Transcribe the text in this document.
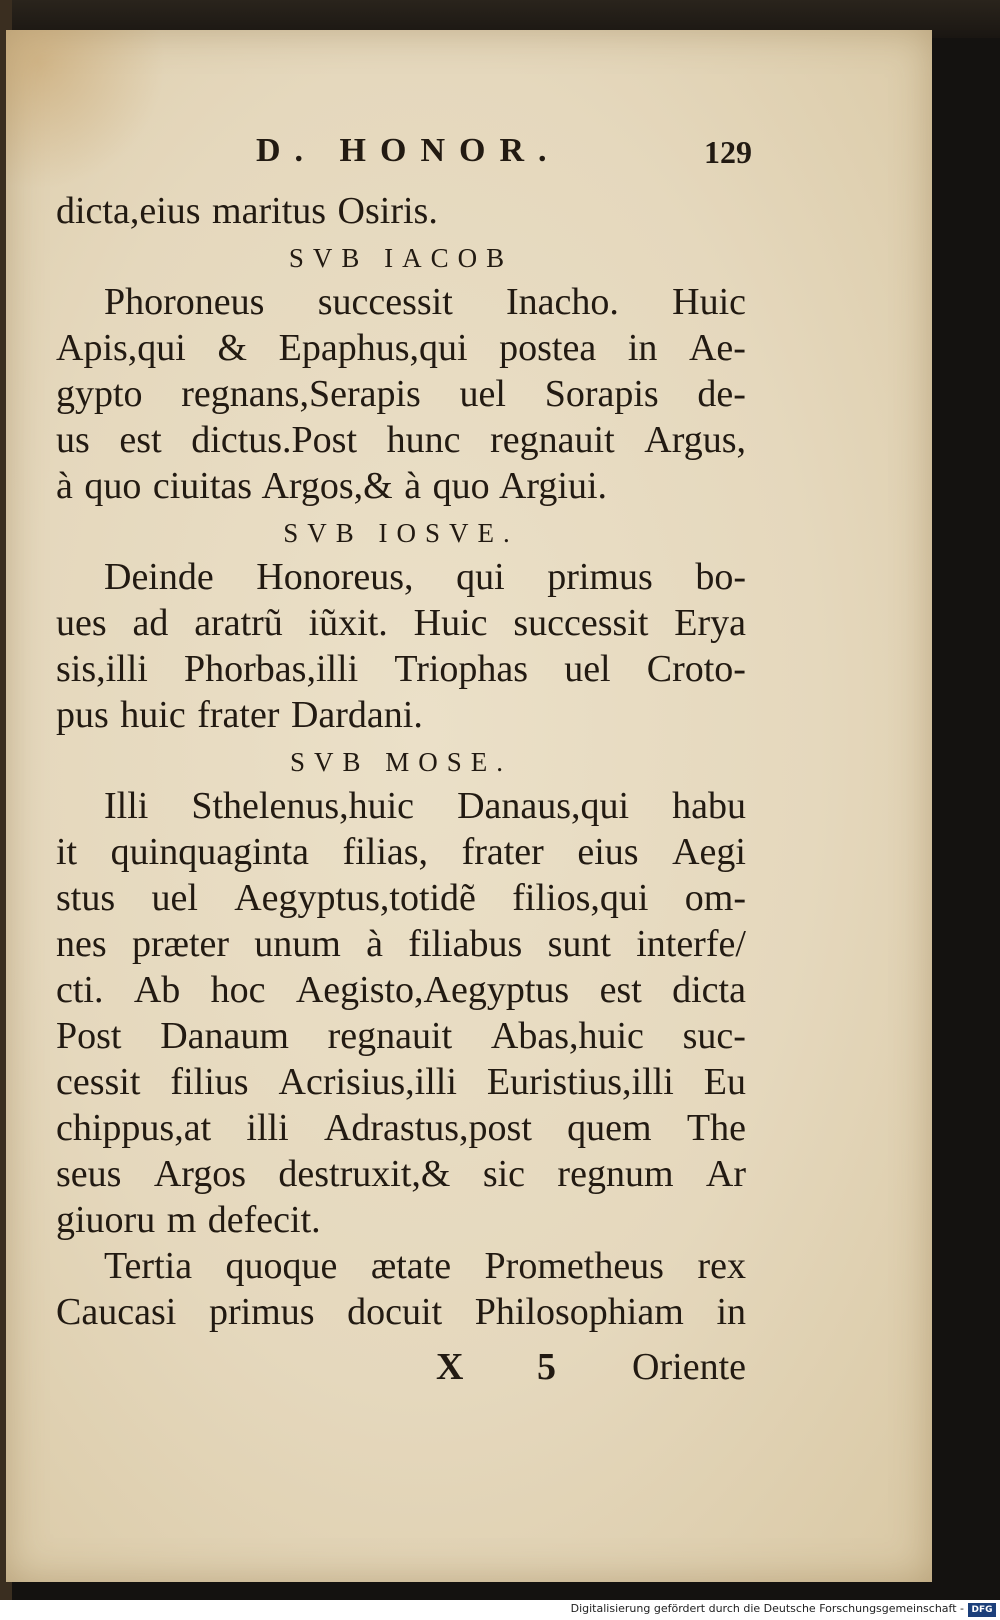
D. HONOR.	129
dicta,eius maritus Osiris.
SVB IACOB
Phoroneus successit Inacho. Huic
Apis,qui & Epaphus,qui postea in Ae-
gypto regnans,Serapis uel Sorapis de-
us est dictus.Post hunc regnauit Argus,
à quo ciuitas Argos,& à quo Argiui.
SVB IOSVE.
Deinde Honoreus, qui primus bo-
ues ad aratrũ iũxit. Huic successit Erya
sis,illi Phorbas,illi Triophas uel Croto-
pus huic frater Dardani.
SVB MOSE.
Illi Sthelenus,huic Danaus,qui habu
it quinquaginta filias, frater eius Aegi
stus uel Aegyptus,totidẽ filios,qui om-
nes præter unum à filiabus sunt interfe/
cti. Ab hoc Aegisto,Aegyptus est dicta
Post Danaum regnauit Abas,huic suc-
cessit filius Acrisius,illi Euristius,illi Eu
chippus,at illi Adrastus,post quem The
seus Argos destruxit,& sic regnum Ar
giuoru m defecit.
Tertia quoque ætate Prometheus rex
Caucasi primus docuit Philosophiam in
X 5 Oriente
Digitalisierung gefördert durch die Deutsche Forschungsgemeinschaft - DFG
